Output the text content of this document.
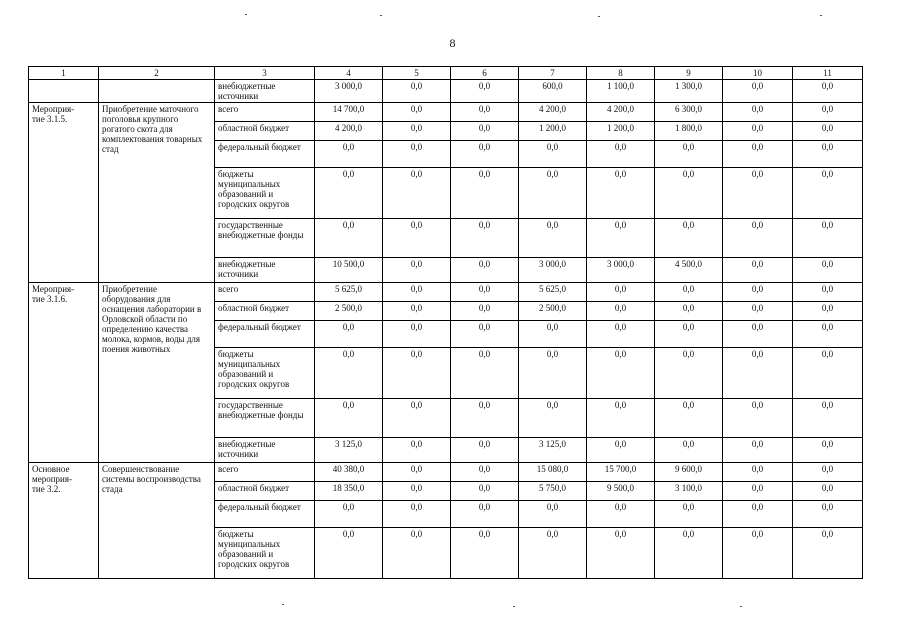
8
1	2	3	4	5	6	7	8	9	10	11
		внебюджетные источники	3 000,0	0,0	0,0	600,0	1 100,0	1 300,0	0,0	0,0
Мероприя-
тие 3.1.5.	Приобретение маточного поголовья крупного рогатого скота для комплектования товарных стад	всего	14 700,0	0,0	0,0	4 200,0	4 200,0	6 300,0	0,0	0,0
		областной бюджет	4 200,0	0,0	0,0	1 200,0	1 200,0	1 800,0	0,0	0,0
		федеральный бюджет	0,0	0,0	0,0	0,0	0,0	0,0	0,0	0,0
		бюджеты муниципальных образований и городских округов	0,0	0,0	0,0	0,0	0,0	0,0	0,0	0,0
		государственные внебюджетные фонды	0,0	0,0	0,0	0,0	0,0	0,0	0,0	0,0
		внебюджетные источники	10 500,0	0,0	0,0	3 000,0	3 000,0	4 500,0	0,0	0,0
Мероприя-
тие 3.1.6.	Приобретение оборудования для оснащения лаборатории в Орловской области по определению качества молока, кормов, воды для поения животных	всего	5 625,0	0,0	0,0	5 625,0	0,0	0,0	0,0	0,0
		областной бюджет	2 500,0	0,0	0,0	2 500,0	0,0	0,0	0,0	0,0
		федеральный бюджет	0,0	0,0	0,0	0,0	0,0	0,0	0,0	0,0
		бюджеты муниципальных образований и городских округов	0,0	0,0	0,0	0,0	0,0	0,0	0,0	0,0
		государственные внебюджетные фонды	0,0	0,0	0,0	0,0	0,0	0,0	0,0	0,0
		внебюджетные источники	3 125,0	0,0	0,0	3 125,0	0,0	0,0	0,0	0,0
Основное
мероприя-
тие 3.2.	Совершенствование системы воспроизводства стада	всего	40 380,0	0,0	0,0	15 080,0	15 700,0	9 600,0	0,0	0,0
		областной бюджет	18 350,0	0,0	0,0	5 750,0	9 500,0	3 100,0	0,0	0,0
		федеральный бюджет	0,0	0,0	0,0	0,0	0,0	0,0	0,0	0,0
		бюджеты муниципальных образований и городских округов	0,0	0,0	0,0	0,0	0,0	0,0	0,0	0,0
